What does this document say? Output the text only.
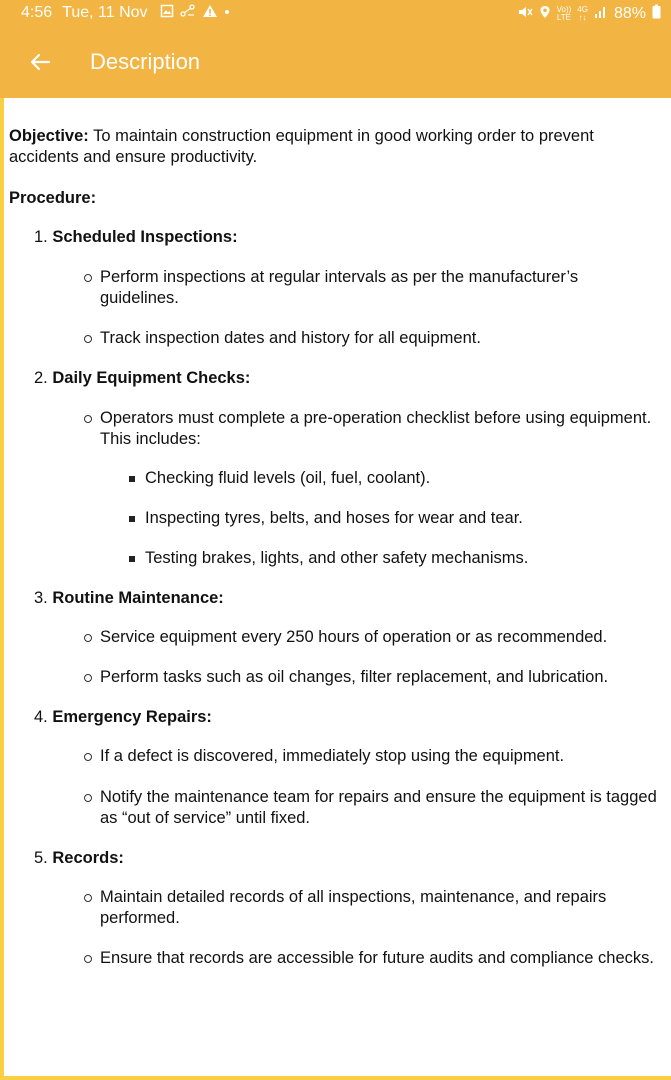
4:56 Tue, 11 Nov	Vo))
LTE
4G
↑↓ 88%
Description

Objective: To maintain construction equipment in good working order to prevent accidents and ensure productivity.

Procedure:

1. Scheduled Inspections:

Perform inspections at regular intervals as per the manufacturer’s guidelines.
Track inspection dates and history for all equipment.

2. Daily Equipment Checks:

Operators must complete a pre-operation checklist before using equipment. This includes:
Checking fluid levels (oil, fuel, coolant).
Inspecting tyres, belts, and hoses for wear and tear.
Testing brakes, lights, and other safety mechanisms.

3. Routine Maintenance:

Service equipment every 250 hours of operation or as recommended.
Perform tasks such as oil changes, filter replacement, and lubrication.

4. Emergency Repairs:

If a defect is discovered, immediately stop using the equipment.
Notify the maintenance team for repairs and ensure the equipment is tagged as “out of service” until fixed.

5. Records:

Maintain detailed records of all inspections, maintenance, and repairs performed.
Ensure that records are accessible for future audits and compliance checks.
